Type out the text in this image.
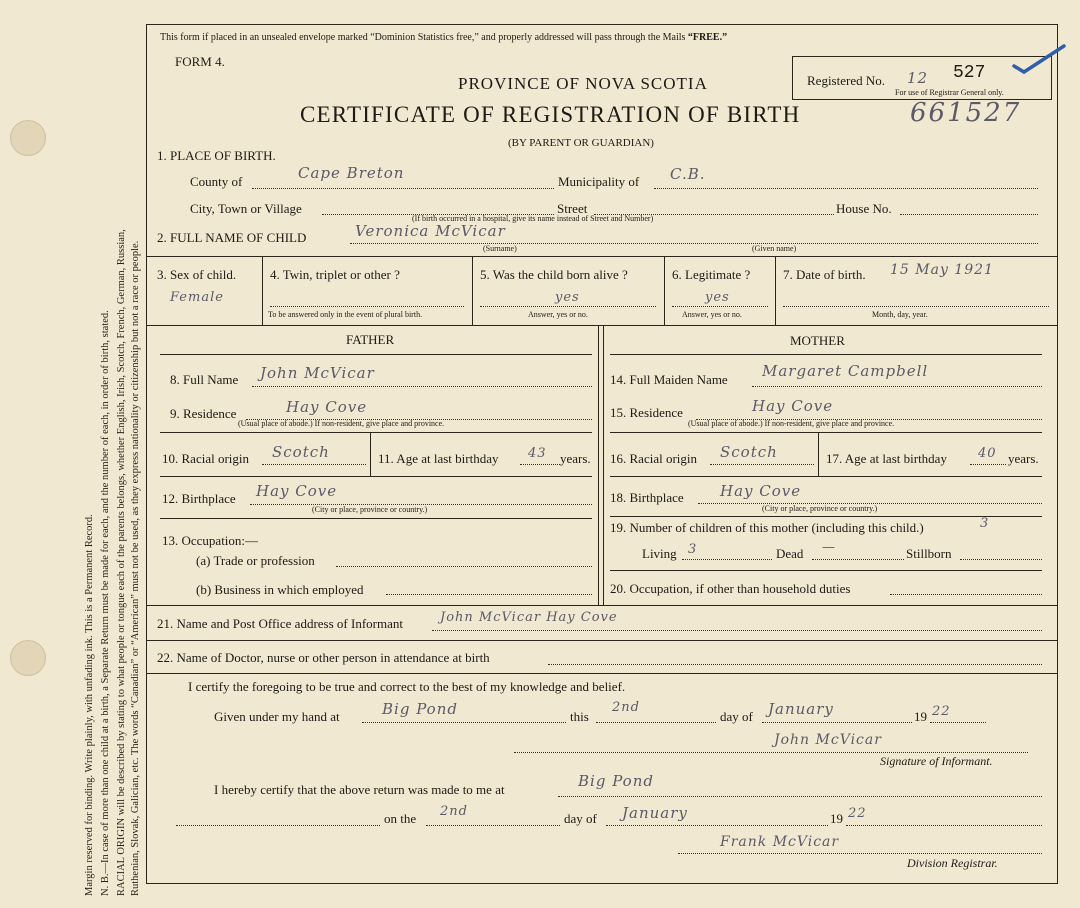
Margin reserved for binding. Write plainly, with unfading ink. This is a Permanent Record. N. B.—In case of more than one child at a birth, a Separate Return must be made for each, and the number of each, in order of birth, stated. RACIAL ORIGIN will be described by stating to what people or tongue each of the parents belongs, whether English, Irish, Scotch, French, German, Russian, Ruthenian, Slovak, Galician, etc. The words “Canadian” or “American” must not be used, as they express nationality or citizenship but not a race or people.
This form if placed in an unsealed envelope marked “Dominion Statistics free,” and properly addressed will pass through the Mails “FREE.”
FORM 4.
Registered No. 12 527
For use of Registrar General only.
PROVINCE OF NOVA SCOTIA
CERTIFICATE OF REGISTRATION OF BIRTH	661527
(BY PARENT OR GUARDIAN)
1. PLACE OF BIRTH.
County of	Cape Breton	Municipality of C.B.
City, Town or Village	Street	House No.
(If birth occurred in a hospital, give its name instead of Street and Number)
2. FULL NAME OF CHILD	Veronica McVicar
(Surname)	(Given name)
3. Sex of child.
Female
4. Twin, triplet or other ?
To be answered only in the event of plural birth.
5. Was the child born alive ?
yes
Answer, yes or no.
6. Legitimate ?
yes
Answer, yes or no.
7. Date of birth. 15 May 1921
Month, day, year.
FATHER	MOTHER
8. Full Name John McVicar
9. Residence	Hay Cove
(Usual place of abode.) If non-resident, give place and province.
10. Racial origin Scotch	11. Age at last birthday 43 years.
12. Birthplace Hay Cove
(City or place, province or country.)
13. Occupation:—
(a) Trade or profession
(b) Business in which employed
14. Full Maiden Name Margaret Campbell
15. Residence	Hay Cove
(Usual place of abode.) If non-resident, give place and province.
16. Racial origin Scotch	17. Age at last birthday 40 years.
18. Birthplace Hay Cove
(City or place, province or country.)
19. Number of children of this mother (including this child.)	3
Living 3	Dead —	Stillborn
20. Occupation, if other than household duties
21. Name and Post Office address of Informant	John McVicar Hay Cove
22. Name of Doctor, nurse or other person in attendance at birth
I certify the foregoing to be true and correct to the best of my knowledge and belief.
Given under my hand at	Big Pond	this
2nd
day of January	19 22
John McVicar
Signature of Informant.
I hereby certify that the above return was made to me at	Big Pond
on the 2nd	day of January	19 22
Frank McVicar
Division Registrar.
